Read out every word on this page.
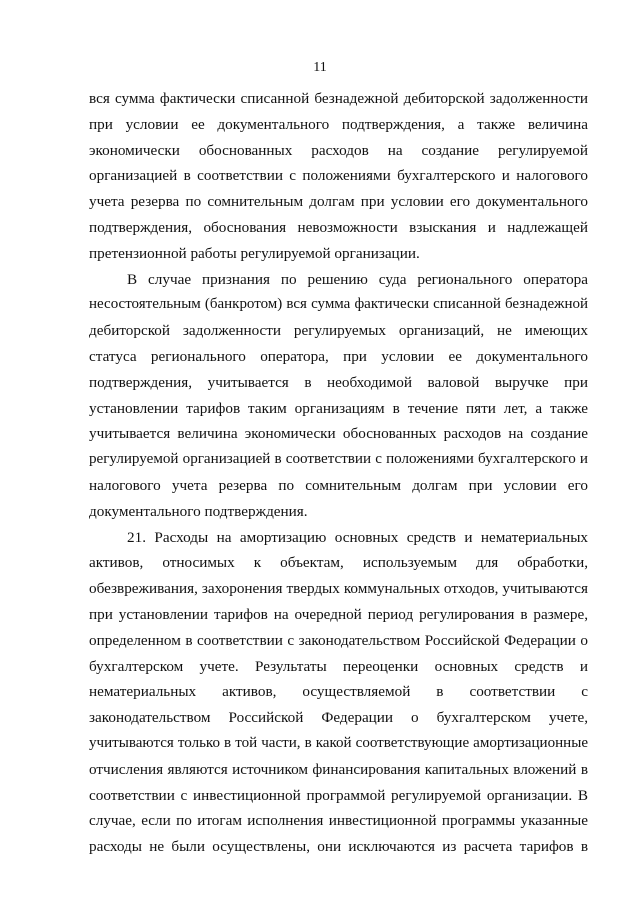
11
вся сумма фактически списанной безнадежной дебиторской задолженности
при условии ее документального подтверждения, а также величина
экономически обоснованных расходов на создание регулируемой
организацией в соответствии с положениями бухгалтерского и налогового
учета резерва по сомнительным долгам при условии его документального
подтверждения, обоснования невозможности взыскания и надлежащей
претензионной работы регулируемой организации.
В случае признания по решению суда регионального оператора
несостоятельным (банкротом) вся сумма фактически списанной безнадежной
дебиторской задолженности регулируемых организаций, не имеющих
статуса регионального оператора, при условии ее документального
подтверждения, учитывается в необходимой валовой выручке при
установлении тарифов таким организациям в течение пяти лет, а также
учитывается величина экономически обоснованных расходов на создание
регулируемой организацией в соответствии с положениями бухгалтерского и
налогового учета резерва по сомнительным долгам при условии его
документального подтверждения.
21. Расходы на амортизацию основных средств и нематериальных
активов, относимых к объектам, используемым для обработки,
обезвреживания, захоронения твердых коммунальных отходов, учитываются
при установлении тарифов на очередной период регулирования в размере,
определенном в соответствии с законодательством Российской Федерации о
бухгалтерском учете. Результаты переоценки основных средств и
нематериальных активов, осуществляемой в соответствии с
законодательством Российской Федерации о бухгалтерском учете,
учитываются только в той части, в какой соответствующие амортизационные
отчисления являются источником финансирования капитальных вложений в
соответствии с инвестиционной программой регулируемой организации. В
случае, если по итогам исполнения инвестиционной программы указанные
расходы не были осуществлены, они исключаются из расчета тарифов в
